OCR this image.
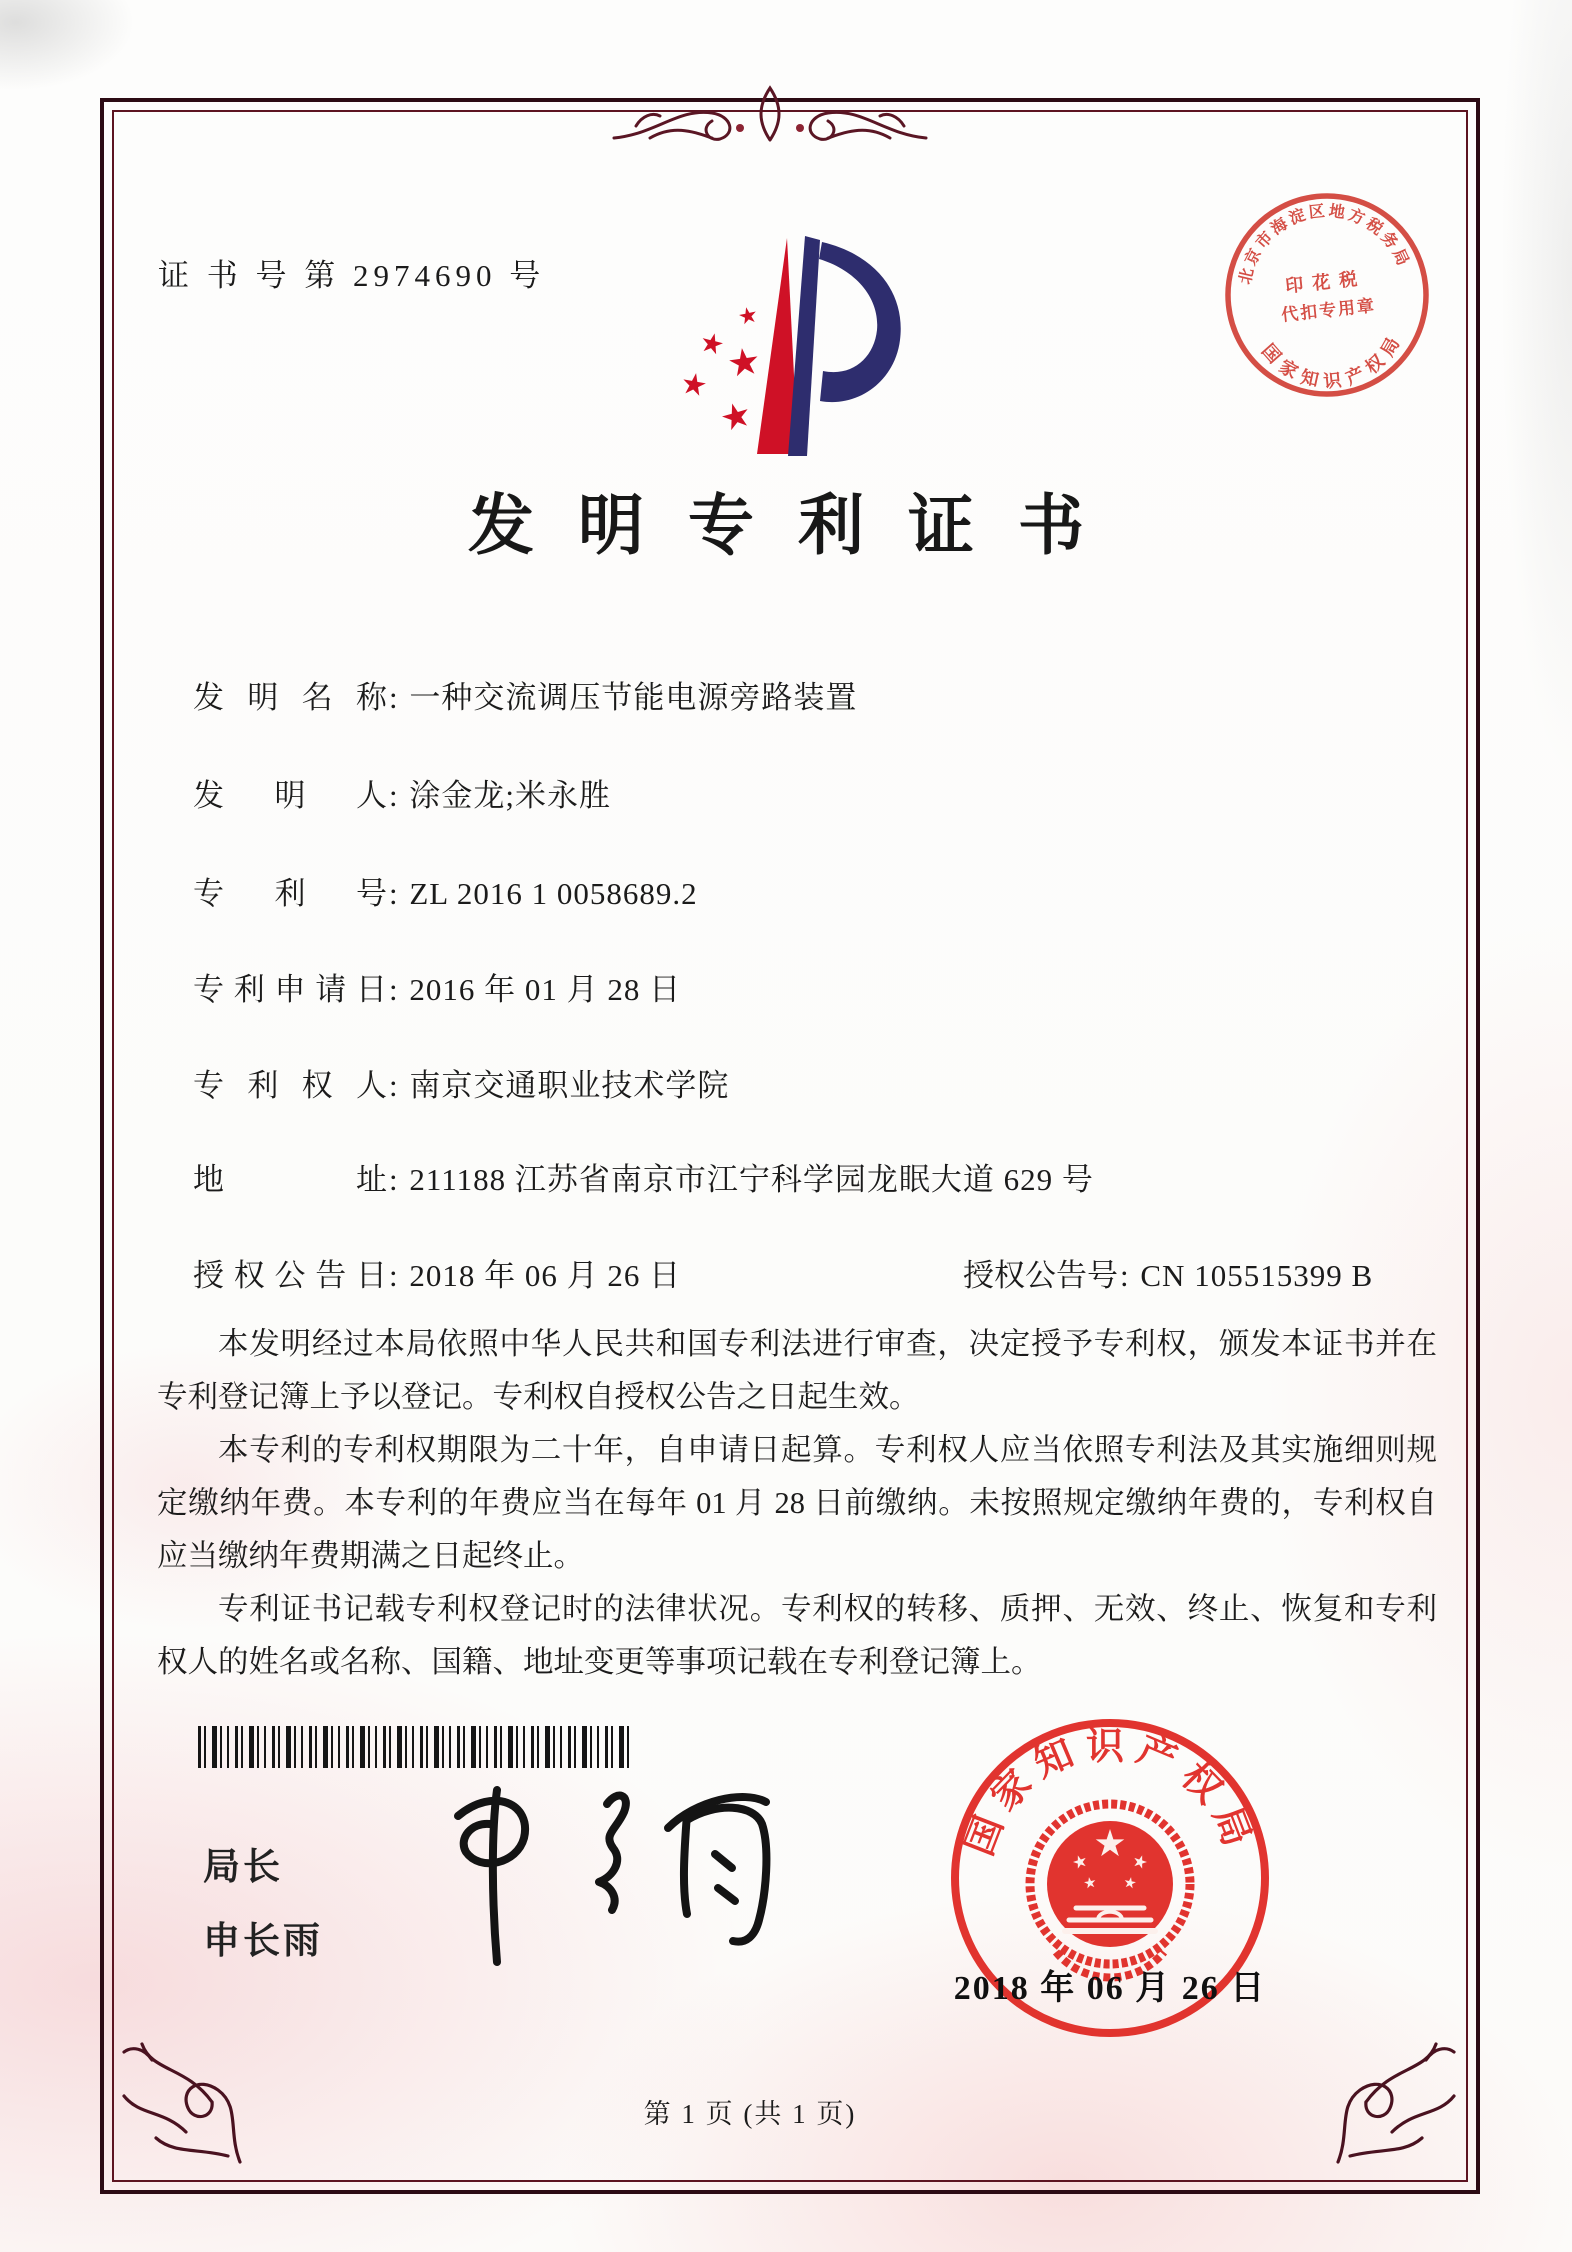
证 书 号 第 2974690 号	北京市海淀区地方税务局
国家知识产权局
印花税
代扣专用章
发明专利证书
发明名称: 一种交流调压节能电源旁路装置
发明人: 涂金龙;米永胜
专利号: ZL 2016 1 0058689.2
专利申请日: 2016 年 01 月 28 日
专利权人: 南京交通职业技术学院
地址: 211188 江苏省南京市江宁科学园龙眠大道 629 号
授权公告日: 2018 年 06 月 26 日	授权公告号: CN 105515399 B

本发明经过本局依照中华人民共和国专利法进行审查，决定授予专利权，颁发本证书并在专利登记簿上予以登记。专利权自授权公告之日起生效。

本专利的专利权期限为二十年，自申请日起算。专利权人应当依照专利法及其实施细则规定缴纳年费。本专利的年费应当在每年 01 月 28 日前缴纳。未按照规定缴纳年费的，专利权自应当缴纳年费期满之日起终止。

专利证书记载专利权登记时的法律状况。专利权的转移、质押、无效、终止、恢复和专利权人的姓名或名称、国籍、地址变更等事项记载在专利登记簿上。

局长
申长雨
国家知识产权局
2018 年 06 月 26 日
第 1 页 (共 1 页)
